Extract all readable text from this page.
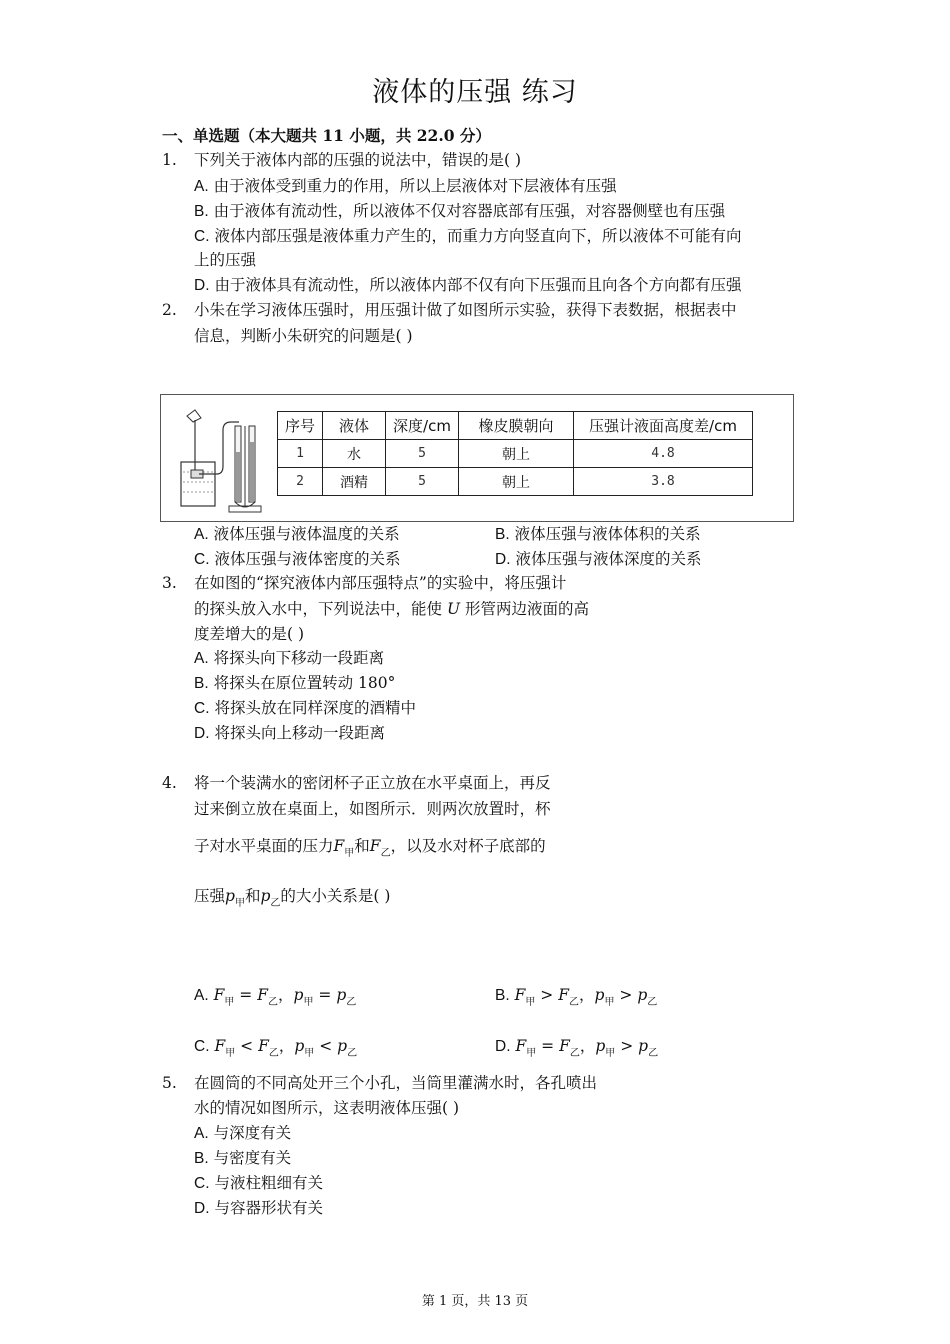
液体的压强 练习
一、单选题（本大题共 11 小题，共 22.0 分）
1. 下列关于液体内部的压强的说法中，错误的是( )
A. 由于液体受到重力的作用，所以上层液体对下层液体有压强
B. 由于液体有流动性，所以液体不仅对容器底部有压强，对容器侧壁也有压强
C. 液体内部压强是液体重力产生的，而重力方向竖直向下，所以液体不可能有向
上的压强
D. 由于液体具有流动性，所以液体内部不仅有向下压强而且向各个方向都有压强
2. 小朱在学习液体压强时，用压强计做了如图所示实验，获得下表数据，根据表中
信息，判断小朱研究的问题是( )
序号	液体	深度/cm	橡皮膜朝向	压强计液面高度差/cm
1	水	5	朝上	4.8
2	酒精	5	朝上	3.8
A. 液体压强与液体温度的关系	B. 液体压强与液体体积的关系
C. 液体压强与液体密度的关系	D. 液体压强与液体深度的关系
3. 在如图的“探究液体内部压强特点”的实验中，将压强计
的探头放入水中，下列说法中，能使 U 形管两边液面的高
度差增大的是( )
A. 将探头向下移动一段距离
B. 将探头在原位置转动 180°
C. 将探头放在同样深度的酒精中
D. 将探头向上移动一段距离
4. 将一个装满水的密闭杯子正立放在水平桌面上，再反
过来倒立放在桌面上，如图所示．则两次放置时，杯
子对水平桌面的压力$F_甲$和$F_乙$，以及水对杯子底部的
压强$p_甲$和$p_乙$的大小关系是( )
A. $F_甲 = F_乙$，$p_甲 = p_乙$	B. $F_甲 > F_乙$，$p_甲 > p_乙$
C. $F_甲 < F_乙$，$p_甲 < p_乙$	D. $F_甲 = F_乙$，$p_甲 > p_乙$
5. 在圆筒的不同高处开三个小孔，当筒里灌满水时，各孔喷出
水的情况如图所示，这表明液体压强( )
A. 与深度有关
B. 与密度有关
C. 与液柱粗细有关
D. 与容器形状有关
第 1 页，共 13 页
